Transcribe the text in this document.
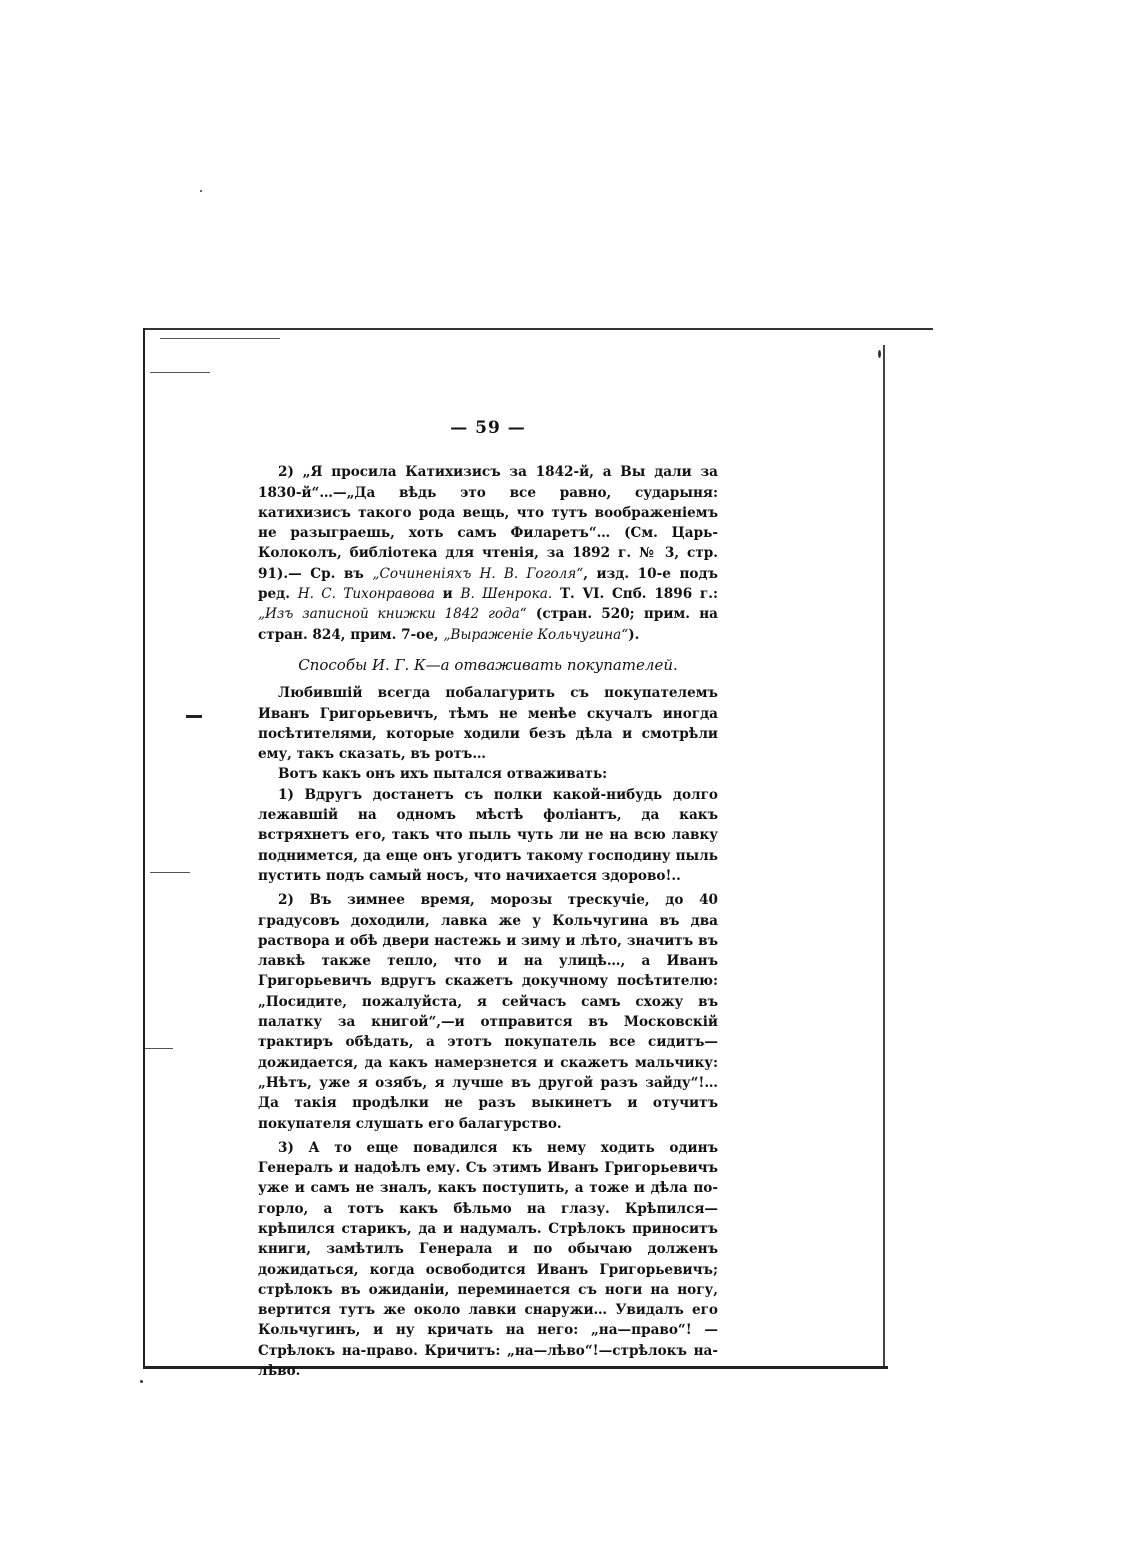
— 59 —

2) „Я просила Катихизисъ за 1842-й, а Вы дали за 1830-й“…—„Да вѣдь это все равно, сударыня: катихизисъ такого рода вещь, что тутъ воображеніемъ не разыграешь, хоть самъ Филаретъ“… (См. Царь-Колоколъ, библіотека для чтенія, за 1892 г. № 3, стр. 91).— Ср. въ „Сочиненіяхъ Н. В. Гоголя“, изд. 10-е подъ ред. Н. С. Тихонравова и В. Шенрока. Т. VI. Спб. 1896 г.: „Изъ записной книжки 1842 года“ (стран. 520; прим. на стран. 824, прим. 7-ое, „Выраженіе Кольчугина“).

Способы И. Г. К—а отваживать покупателей.

Любившій всегда побалагурить съ покупателемъ Иванъ Григорьевичъ, тѣмъ не менѣе скучалъ иногда посѣтителями, которые ходили безъ дѣла и смотрѣли ему, такъ сказать, въ ротъ…

Вотъ какъ онъ ихъ пытался отваживать:

1) Вдругъ достанетъ съ полки какой-нибудь долго лежавшій на одномъ мѣстѣ фоліантъ, да какъ встряхнетъ его, такъ что пыль чуть ли не на всю лавку поднимется, да еще онъ угодитъ такому господину пыль пустить подъ самый носъ, что начихается здорово!..

2) Въ зимнее время, морозы трескучіе, до 40 градусовъ доходили, лавка же у Кольчугина въ два раствора и обѣ двери настежь и зиму и лѣто, значитъ въ лавкѣ также тепло, что и на улицѣ…, а Иванъ Григорьевичъ вдругъ скажетъ докучному посѣтителю: „Посидите, пожалуйста, я сейчасъ самъ схожу въ палатку за книгой“,—и отправится въ Московскій трактиръ обѣдать, а этотъ покупатель все сидитъ—дожидается, да какъ намерзнется и скажетъ мальчику: „Нѣтъ, уже я озябъ, я лучше въ другой разъ зайду“!… Да такія продѣлки не разъ выкинетъ и отучитъ покупателя слушать его балагурство.

3) А то еще повадился къ нему ходить одинъ Генералъ и надоѣлъ ему. Съ этимъ Иванъ Григорьевичъ уже и самъ не зналъ, какъ поступить, а тоже и дѣла по-горло, а тотъ какъ бѣльмо на глазу. Крѣпился—крѣпился старикъ, да и надумалъ. Стрѣлокъ приноситъ книги, замѣтилъ Генерала и по обычаю долженъ дожидаться, когда освободится Иванъ Григорьевичъ; стрѣлокъ въ ожиданіи, переминается съ ноги на ногу, вертится тутъ же около лавки снаружи… Увидалъ его Кольчугинъ, и ну кричать на него: „на—право“! — Стрѣлокъ на-право. Кричитъ: „на—лѣво“!—стрѣлокъ на-лѣво.
